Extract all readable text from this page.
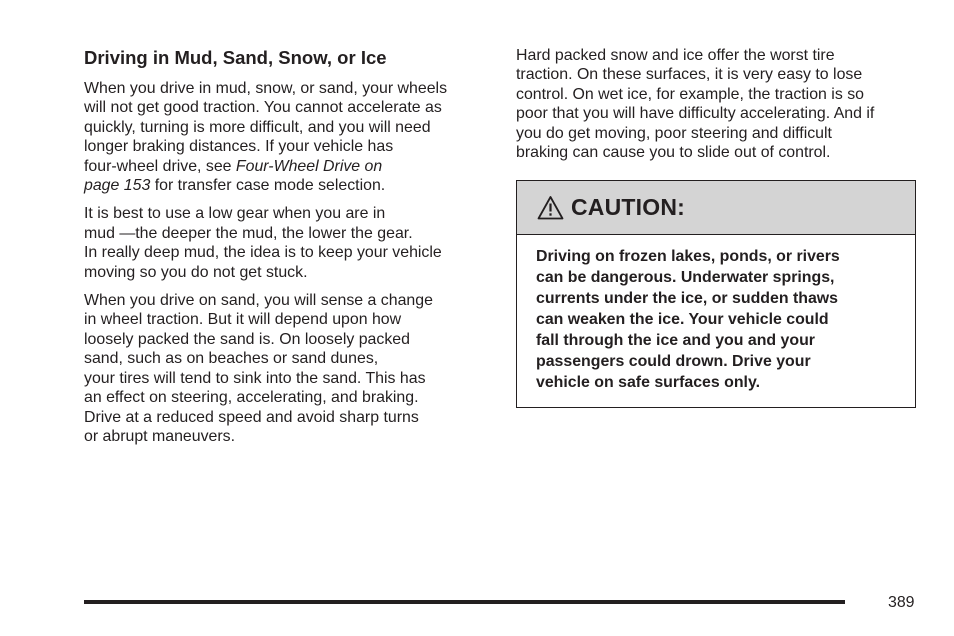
Driving in Mud, Sand, Snow, or Ice
When you drive in mud, snow, or sand, your wheels
will not get good traction. You cannot accelerate as
quickly, turning is more difficult, and you will need
longer braking distances. If your vehicle has
four-wheel drive, see Four-Wheel Drive on
page 153 for transfer case mode selection.
It is best to use a low gear when you are in
mud —the deeper the mud, the lower the gear.
In really deep mud, the idea is to keep your vehicle
moving so you do not get stuck.
When you drive on sand, you will sense a change
in wheel traction. But it will depend upon how
loosely packed the sand is. On loosely packed
sand, such as on beaches or sand dunes,
your tires will tend to sink into the sand. This has
an effect on steering, accelerating, and braking.
Drive at a reduced speed and avoid sharp turns
or abrupt maneuvers.
Hard packed snow and ice offer the worst tire
traction. On these surfaces, it is very easy to lose
control. On wet ice, for example, the traction is so
poor that you will have difficulty accelerating. And if
you do get moving, poor steering and difficult
braking can cause you to slide out of control.
CAUTION:
Driving on frozen lakes, ponds, or rivers
can be dangerous. Underwater springs,
currents under the ice, or sudden thaws
can weaken the ice. Your vehicle could
fall through the ice and you and your
passengers could drown. Drive your
vehicle on safe surfaces only.
389
